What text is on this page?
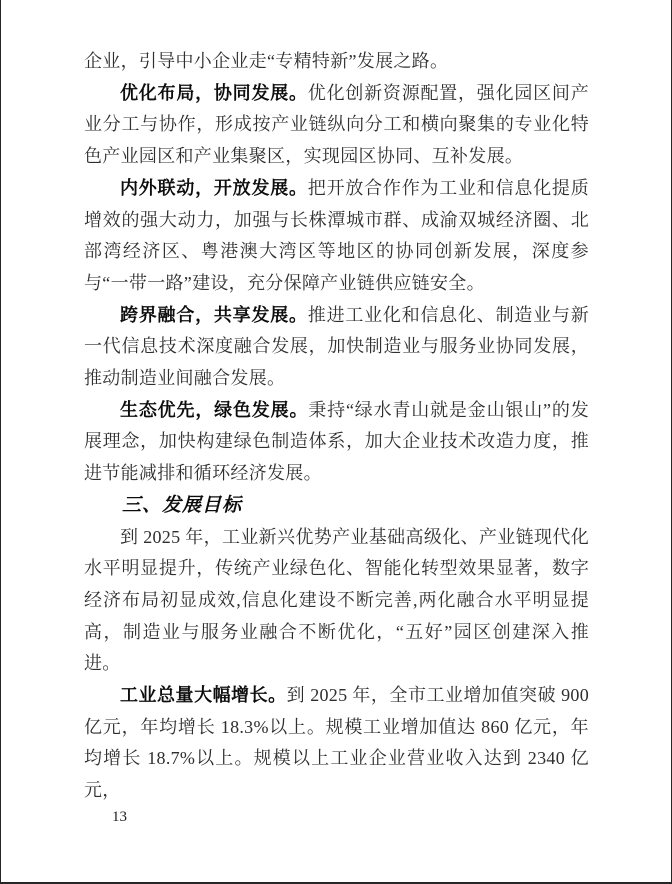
企业，引导中小企业走“专精特新”发展之路。

优化布局，协同发展。优化创新资源配置，强化园区间产业分工与协作，形成按产业链纵向分工和横向聚集的专业化特色产业园区和产业集聚区，实现园区协同、互补发展。

内外联动，开放发展。把开放合作作为工业和信息化提质增效的强大动力，加强与长株潭城市群、成渝双城经济圈、北部湾经济区、粤港澳大湾区等地区的协同创新发展，深度参与“一带一路”建设，充分保障产业链供应链安全。

跨界融合，共享发展。推进工业化和信息化、制造业与新一代信息技术深度融合发展，加快制造业与服务业协同发展，推动制造业间融合发展。

生态优先，绿色发展。秉持“绿水青山就是金山银山”的发展理念，加快构建绿色制造体系，加大企业技术改造力度，推进节能减排和循环经济发展。

三、发展目标

到 2025 年，工业新兴优势产业基础高级化、产业链现代化水平明显提升，传统产业绿色化、智能化转型效果显著，数字经济布局初显成效,信息化建设不断完善,两化融合水平明显提高，制造业与服务业融合不断优化，“五好”园区创建深入推进。

工业总量大幅增长。到 2025 年，全市工业增加值突破 900 亿元，年均增长 18.3%以上。规模工业增加值达 860 亿元，年均增长 18.7%以上。规模以上工业企业营业收入达到 2340 亿元，

13
